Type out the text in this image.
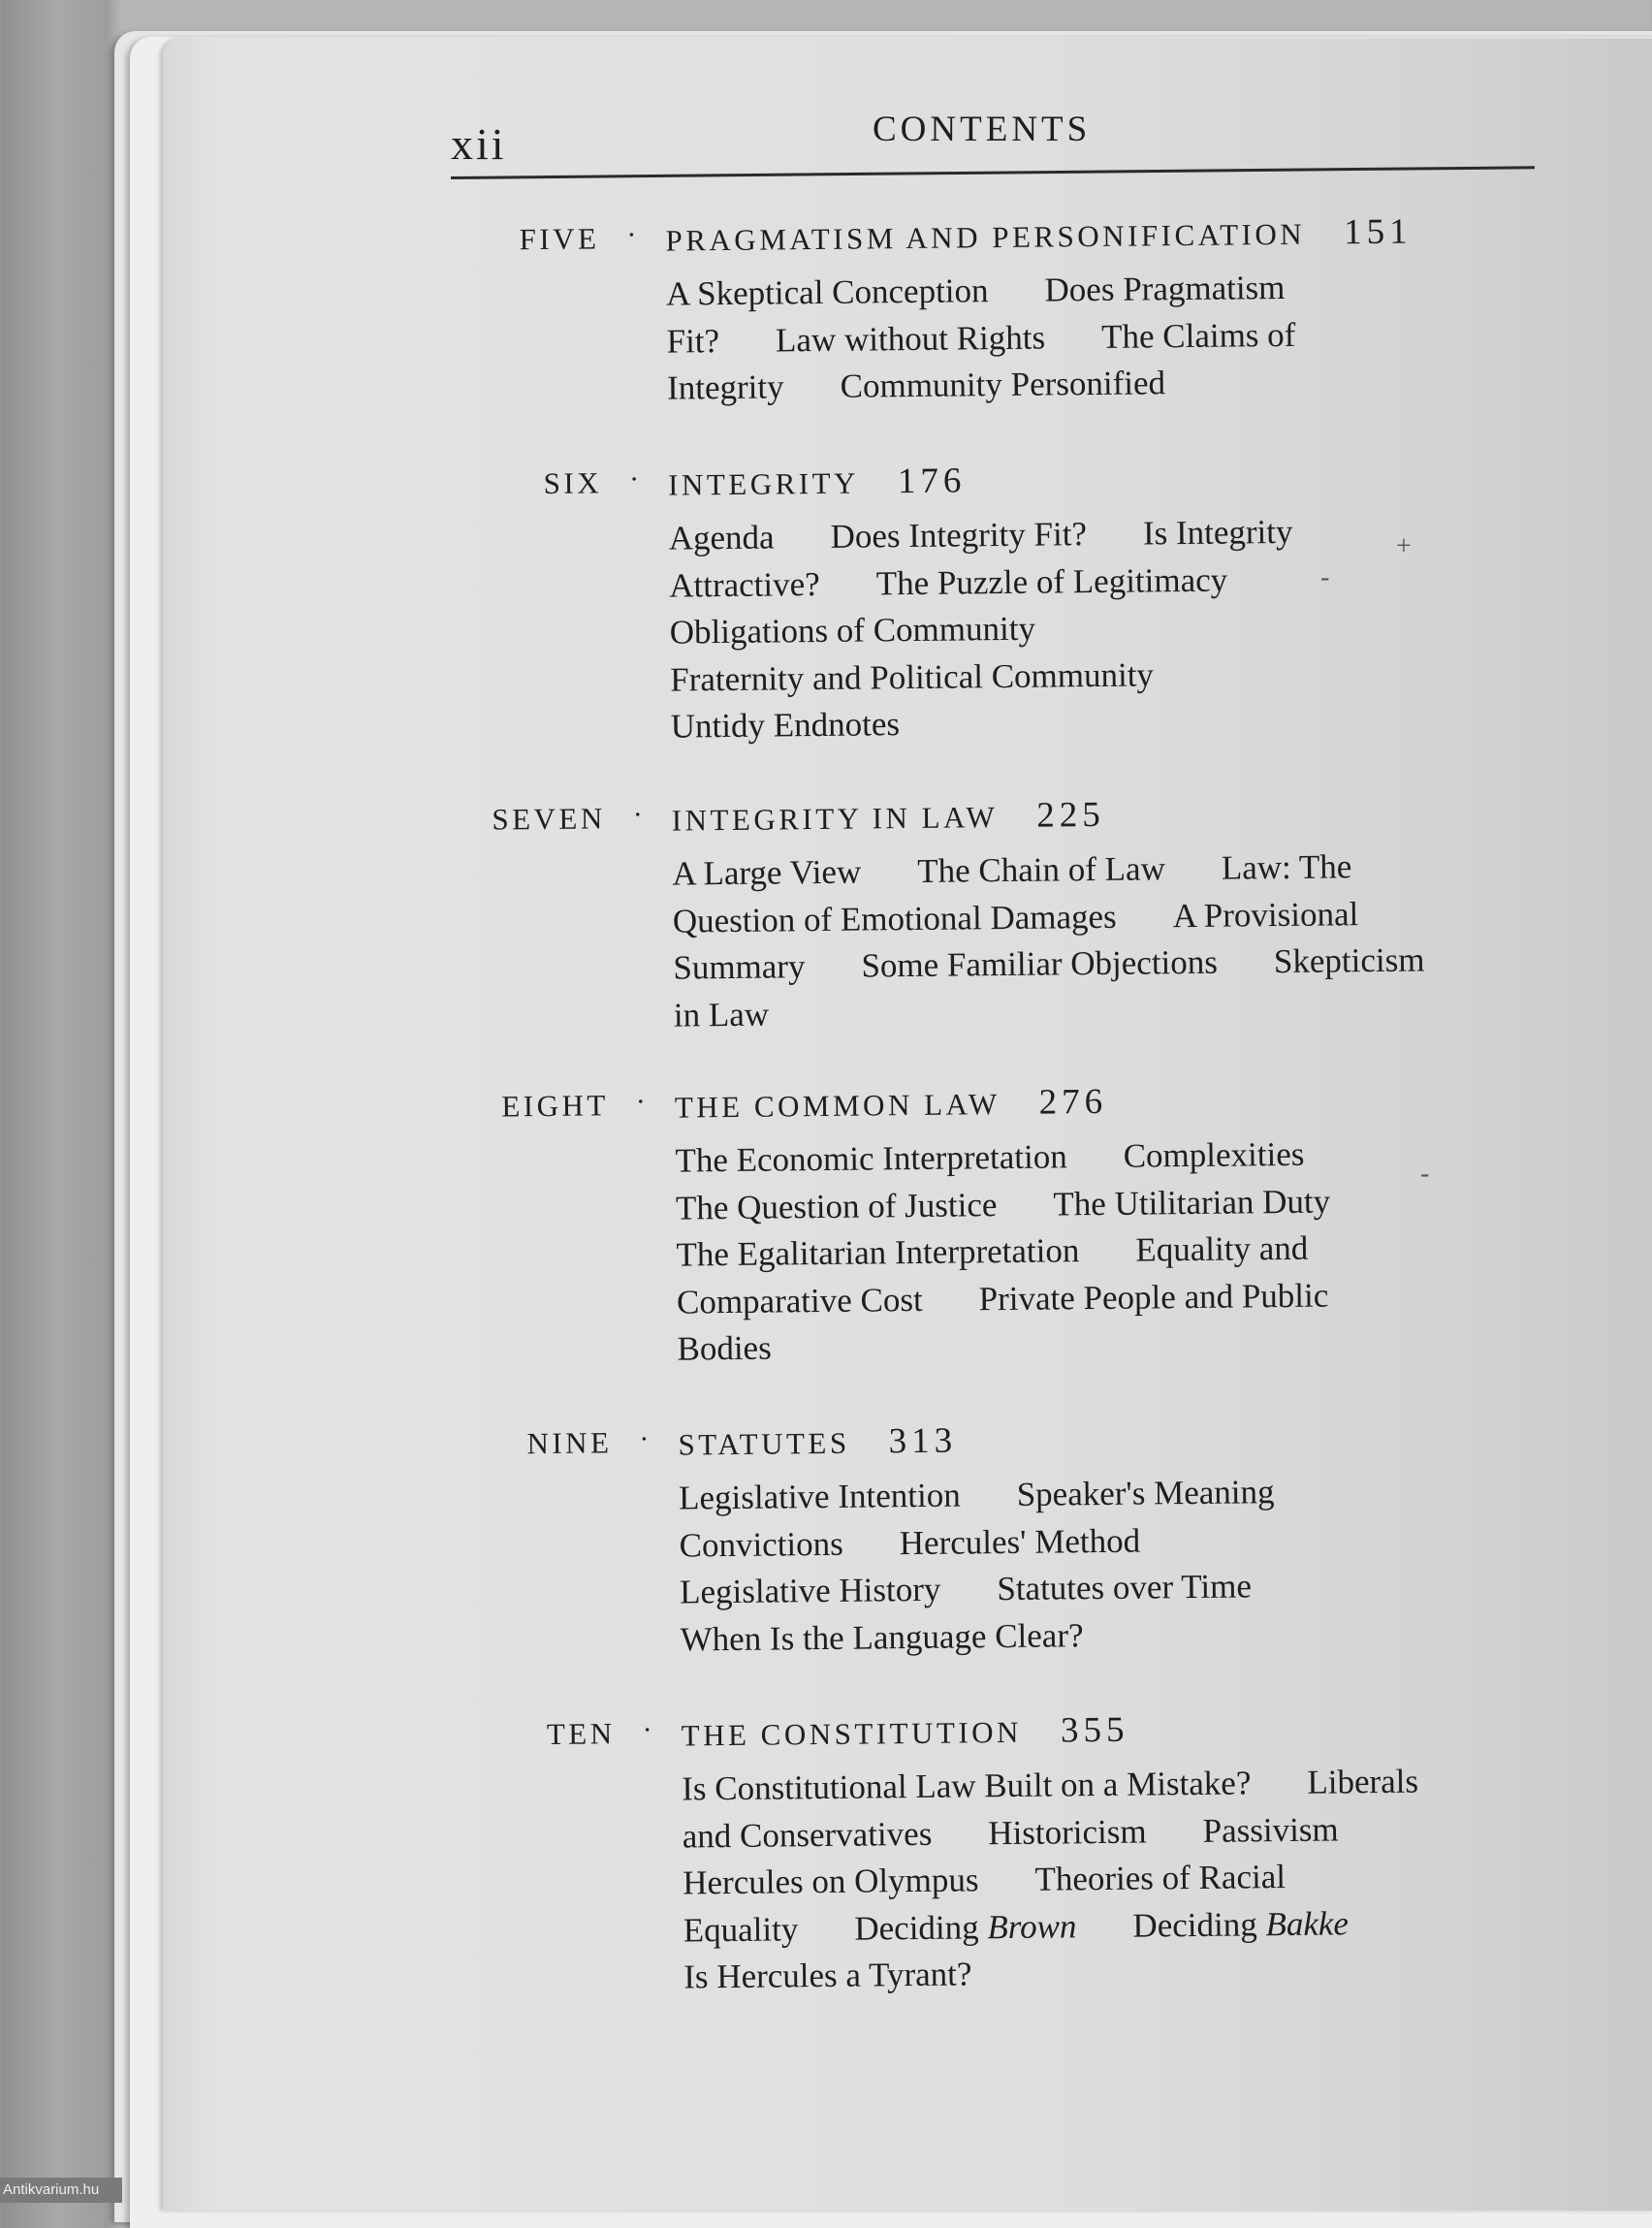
xii	CONTENTS
FIVE · PRAGMATISM AND PERSONIFICATION 151
A Skeptical Conception Does Pragmatism
Fit? Law without Rights The Claims of
Integrity Community Personified
SIX · INTEGRITY 176
Agenda Does Integrity Fit? Is Integrity
Attractive? The Puzzle of Legitimacy
Obligations of Community
Fraternity and Political Community
Untidy Endnotes
SEVEN · INTEGRITY IN LAW 225
A Large View The Chain of Law Law: The
Question of Emotional Damages A Provisional
Summary Some Familiar Objections Skepticism
in Law
EIGHT · THE COMMON LAW 276
The Economic Interpretation Complexities
The Question of Justice The Utilitarian Duty
The Egalitarian Interpretation Equality and
Comparative Cost Private People and Public
Bodies
NINE · STATUTES 313
Legislative Intention Speaker's Meaning
Convictions Hercules' Method
Legislative History Statutes over Time
When Is the Language Clear?
TEN · THE CONSTITUTION 355
Is Constitutional Law Built on a Mistake? Liberals
and Conservatives Historicism Passivism
Hercules on Olympus Theories of Racial
Equality Deciding Brown Deciding Bakke
Is Hercules a Tyrant?
+
-
-
Antikvarium.hu
